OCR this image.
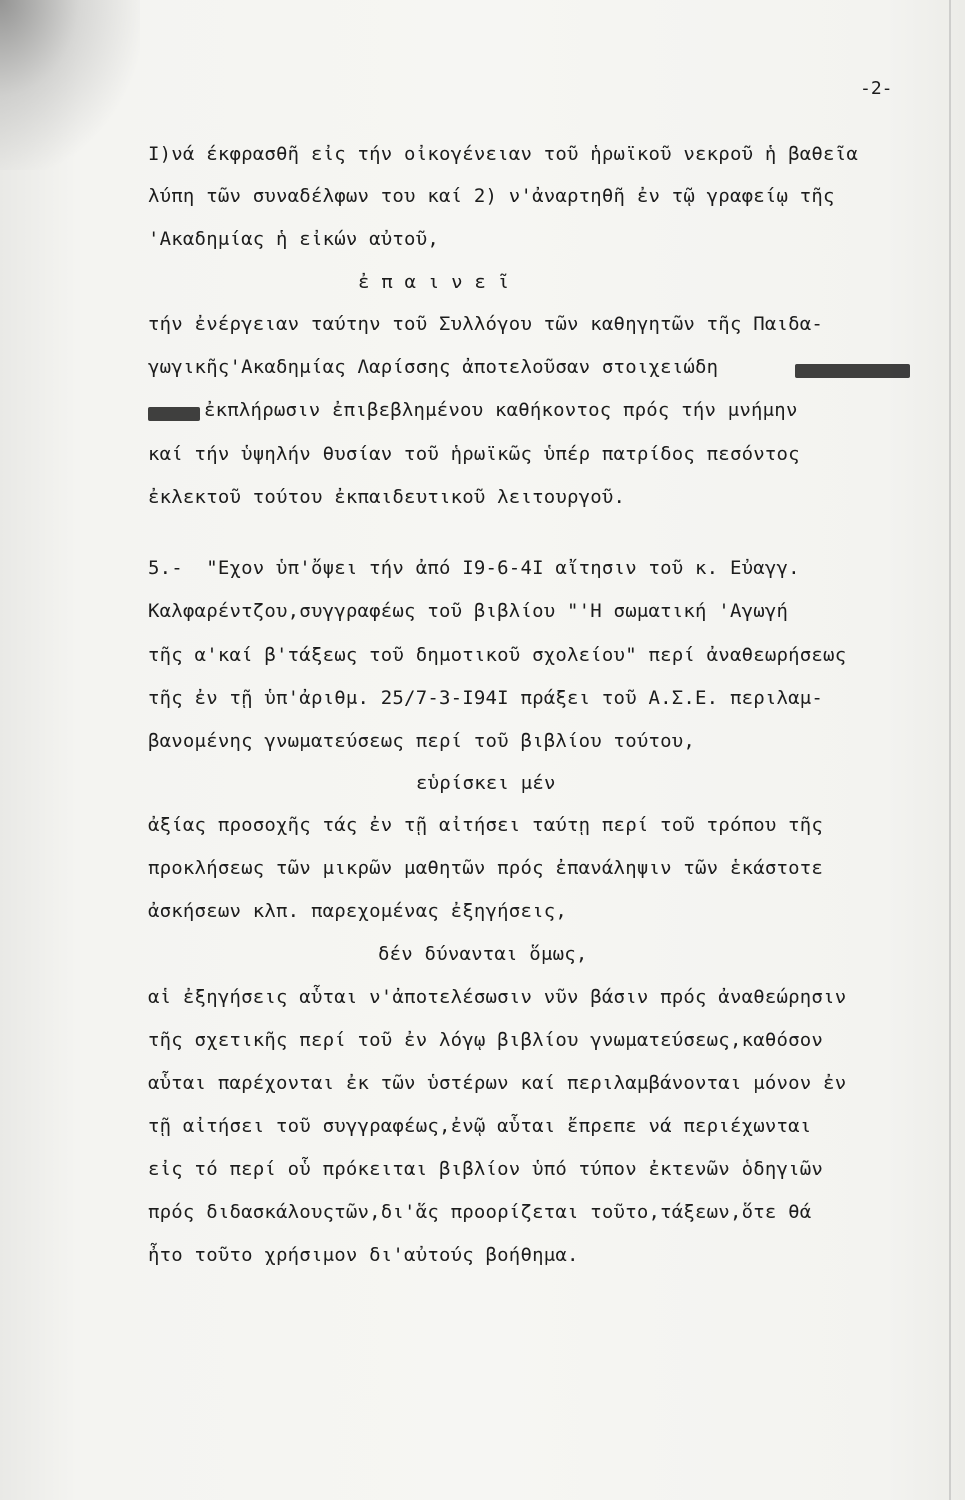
-2-
I)νά έκφρασθῆ εἰς τήν οἰκογένειαν τοῦ ἡρωϊκοῦ νεκροῦ ἡ βαθεῖα
λύπη τῶν συναδέλφων του καί 2) ν'ἀναρτηθῆ ἐν τῷ γραφείῳ τῆς
'Ακαδημίας ἡ εἰκών αὐτοῦ,
ἐ π α ι ν ε ῖ
τήν ἐνέργειαν ταύτην τοῦ Συλλόγου τῶν καθηγητῶν τῆς Παιδα-
γωγικῆς'Ακαδημίας Λαρίσσης ἀποτελοῦσαν στοιχειώδη
ἐκπλήρωσιν ἐπιβεβλημένου καθήκοντος πρός τήν μνήμην
καί τήν ὑψηλήν θυσίαν τοῦ ἡρωϊκῶς ὑπέρ πατρίδος πεσόντος
ἐκλεκτοῦ τούτου ἐκπαιδευτικοῦ λειτουργοῦ.
5.-  "Εχον ὑπ'ὄψει τήν ἀπό I9-6-4I αἴτησιν τοῦ κ. Εὐαγγ.
Καλφαρέντζου,συγγραφέως τοῦ βιβλίου "'Η σωματική 'Αγωγή
τῆς α'καί β'τάξεως τοῦ δημοτικοῦ σχολείου" περί ἀναθεωρήσεως
τῆς ἐν τῇ ὑπ'ἀριθμ. 25/7-3-I94I πράξει τοῦ Α.Σ.Ε. περιλαμ-
βανομένης γνωματεύσεως περί τοῦ βιβλίου τούτου,
εὑρίσκει μέν
ἀξίας προσοχῆς τάς ἐν τῇ αἰτήσει ταύτῃ περί τοῦ τρόπου τῆς
προκλήσεως τῶν μικρῶν μαθητῶν πρός ἐπανάληψιν τῶν ἑκάστοτε
ἀσκήσεων κλπ. παρεχομένας ἐξηγήσεις,
δέν δύνανται ὅμως,
αἱ ἐξηγήσεις αὗται ν'ἀποτελέσωσιν νῦν βάσιν πρός ἀναθεώρησιν
τῆς σχετικῆς περί τοῦ ἐν λόγῳ βιβλίου γνωματεύσεως,καθόσον
αὗται παρέχονται ἐκ τῶν ὑστέρων καί περιλαμβάνονται μόνον ἐν
τῇ αἰτήσει τοῦ συγγραφέως,ἐνῷ αὗται ἔπρεπε νά περιέχωνται
εἰς τό περί οὗ πρόκειται βιβλίον ὑπό τύπον ἐκτενῶν ὁδηγιῶν
πρός διδασκάλουςτῶν,δι'ἅς προορίζεται τοῦτο,τάξεων,ὅτε θά
ἦτο τοῦτο χρήσιμον δι'αὐτούς βοήθημα.
